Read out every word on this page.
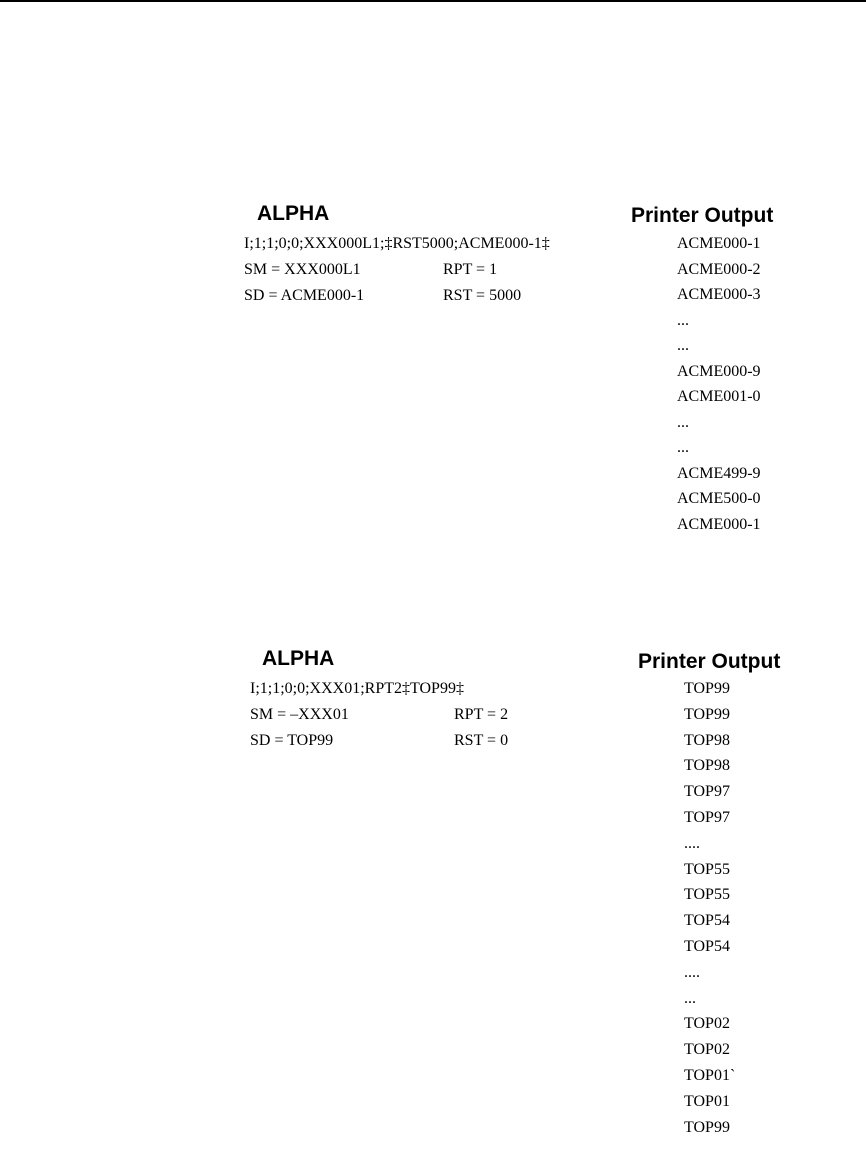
ALPHA	Printer Output
I;1;1;0;0;XXX000L1;‡RST5000;ACME000-1‡
SM = XXX000L1	RPT = 1
SD = ACME000-1	RST = 5000
ACME000-1
ACME000-2
ACME000-3
...
...
ACME000-9
ACME001-0
...
...
ACME499-9
ACME500-0
ACME000-1
ALPHA	Printer Output
I;1;1;0;0;XXX01;RPT2‡TOP99‡
SM = –XXX01	RPT = 2
SD = TOP99	RST = 0
TOP99
TOP99
TOP98
TOP98
TOP97
TOP97
....
TOP55
TOP55
TOP54
TOP54
....
...
TOP02
TOP02
TOP01`
TOP01
TOP99
